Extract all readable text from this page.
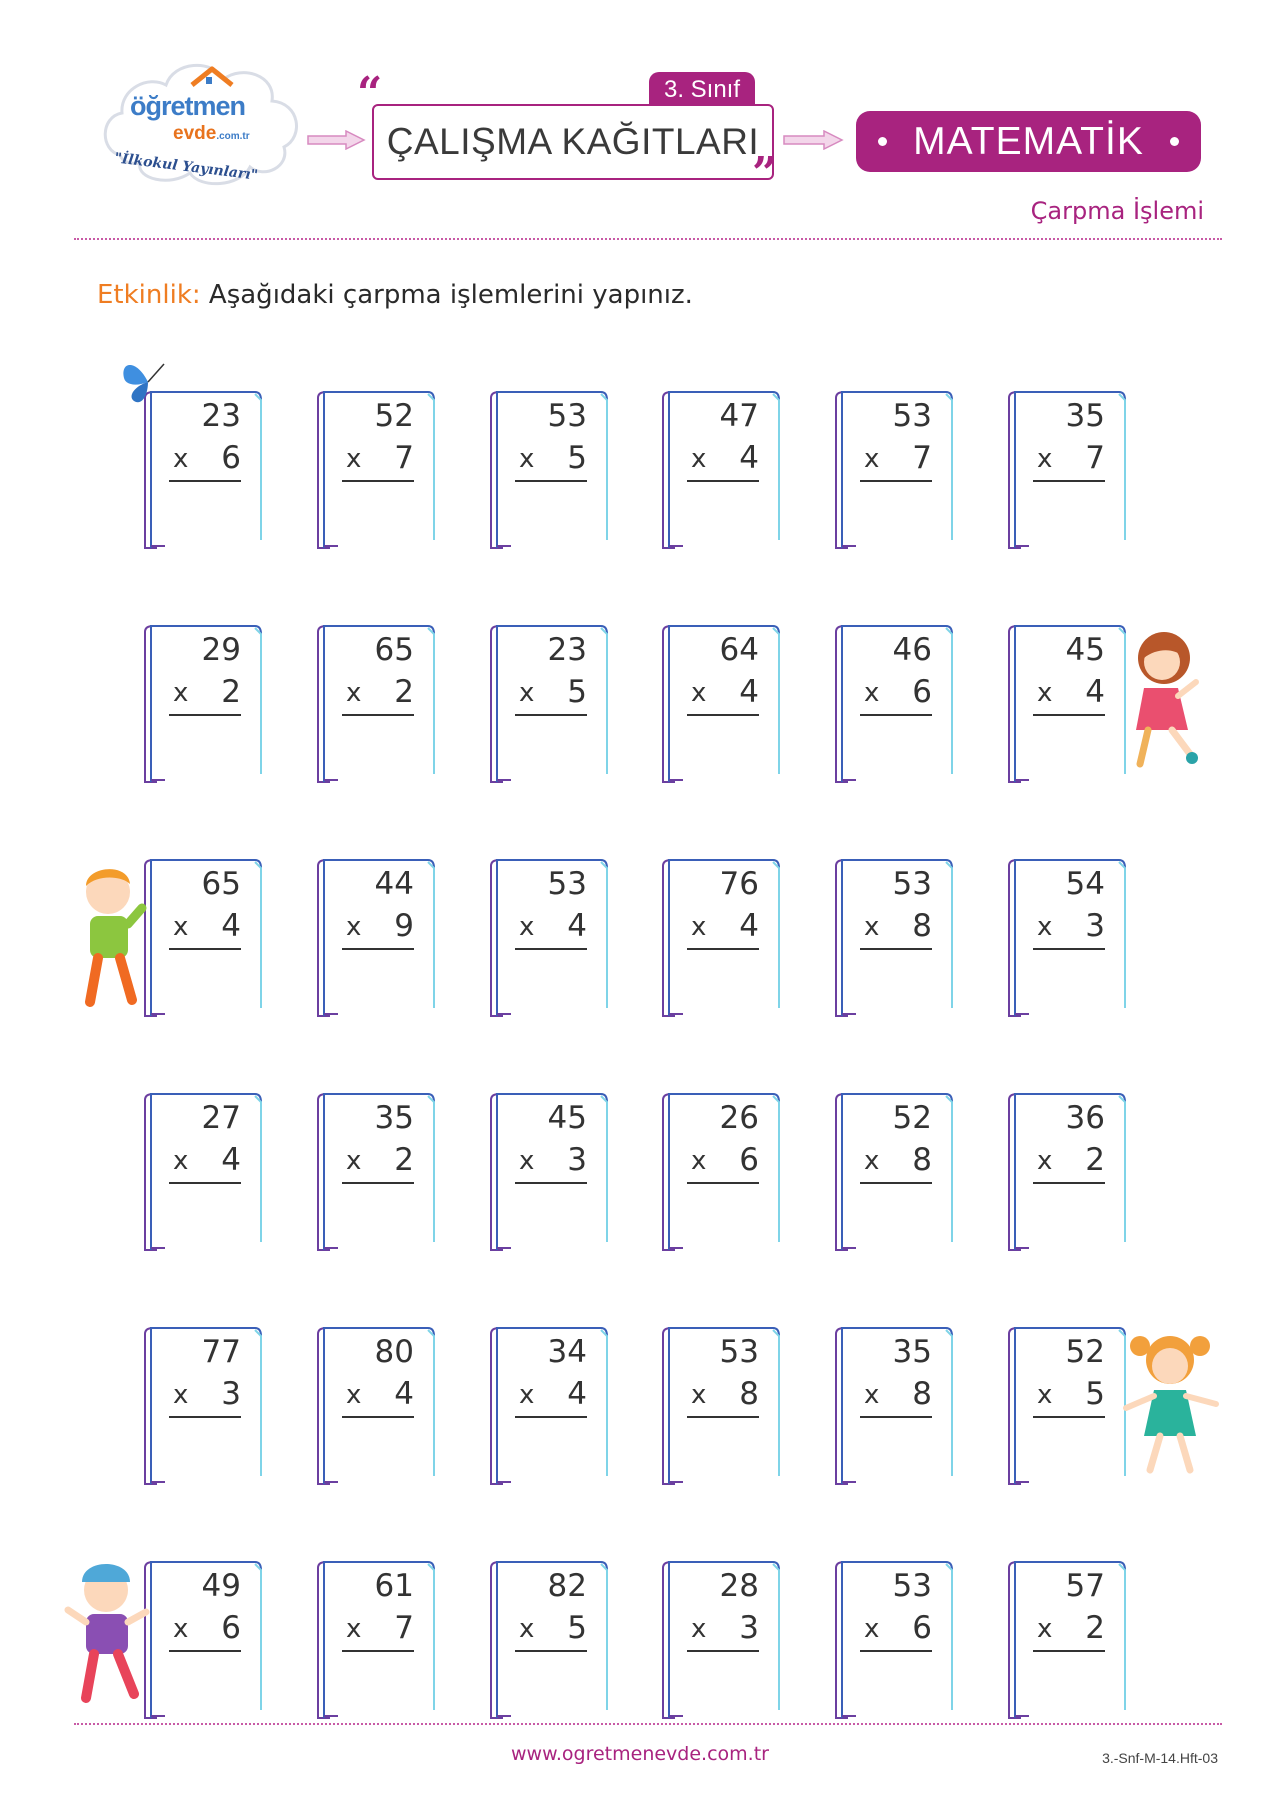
öğretmen
evde.com.tr
"İlkokul Yayınları"
3. Sınıf
“
ÇALIŞMA KAĞITLARI
”
MATEMATİK
Çarpma İşlemi
Etkinlik: Aşağıdaki çarpma işlemlerini yapınız.
23
x 6
52
x 7
53
x 5
47
x 4
53
x 7
35
x 7
29
x 2
65
x 2
23
x 5
64
x 4
46
x 6
45
x 4
65
x 4
44
x 9
53
x 4
76
x 4
53
x 8
54
x 3
27
x 4
35
x 2
45
x 3
26
x 6
52
x 8
36
x 2
77
x 3
80
x 4
34
x 4
53
x 8
35
x 8
52
x 5
49
x 6
61
x 7
82
x 5
28
x 3
53
x 6
57
x 2
www.ogretmenevde.com.tr	3.-Snf-M-14.Hft-03
